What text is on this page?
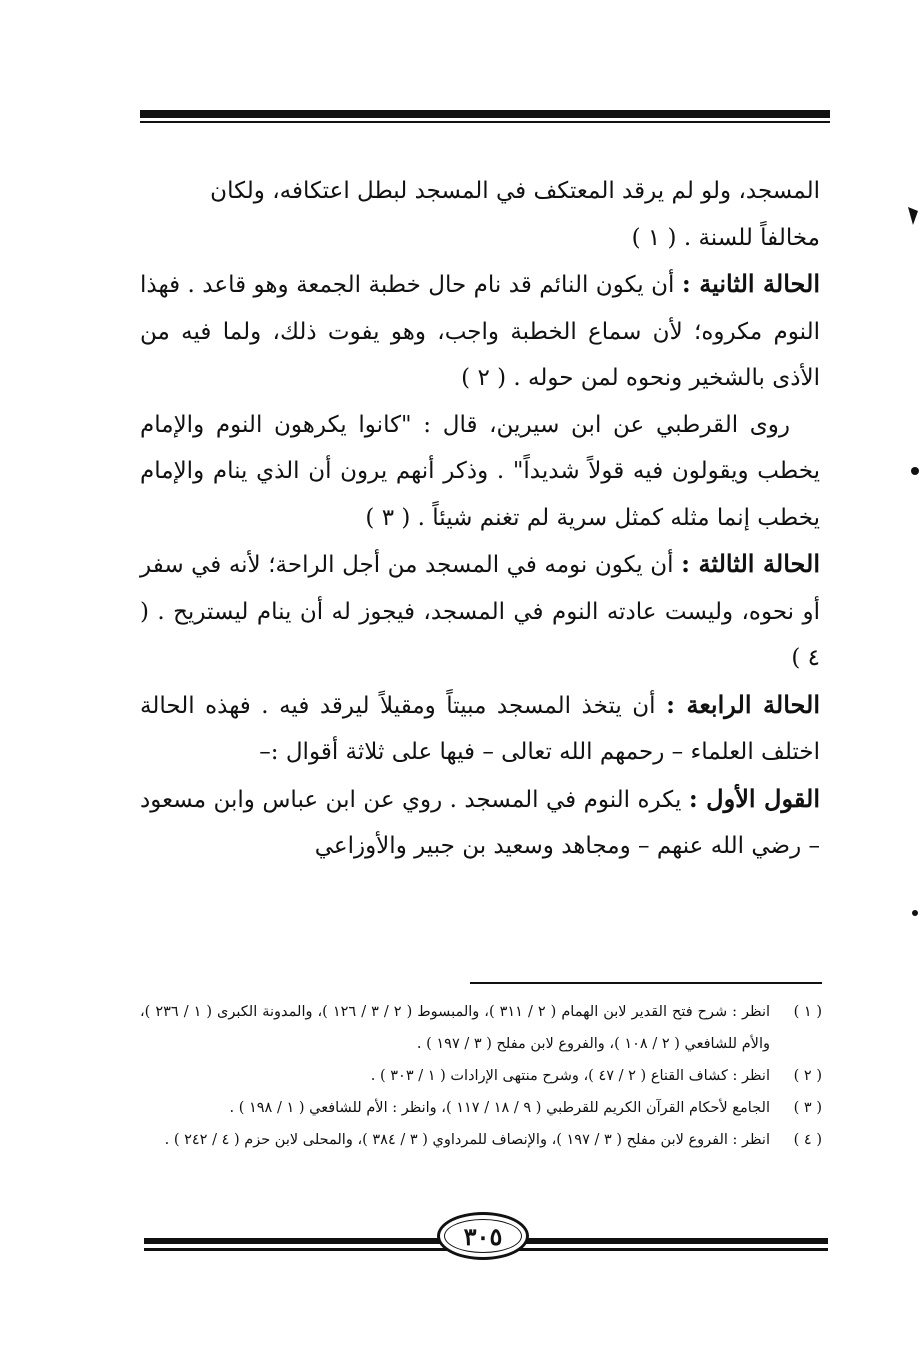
المسجد، ولو لم يرقد المعتكف في المسجد لبطل اعتكافه، ولكان
مخالفاً للسنة . ( ١ )

الحالة الثانية : أن يكون النائم قد نام حال خطبة الجمعة وهو قاعد . فهذا النوم مكروه؛ لأن سماع الخطبة واجب، وهو يفوت ذلك، ولما فيه من الأذى بالشخير ونحوه لمن حوله . ( ٢ )

روى القرطبي عن ابن سيرين، قال : "كانوا يكرهون النوم والإمام يخطب ويقولون فيه قولاً شديداً" . وذكر أنهم يرون أن الذي ينام والإمام يخطب إنما مثله كمثل سرية لم تغنم شيئاً . ( ٣ )

الحالة الثالثة : أن يكون نومه في المسجد من أجل الراحة؛ لأنه في سفر أو نحوه، وليست عادته النوم في المسجد، فيجوز له أن ينام ليستريح . ( ٤ )

الحالة الرابعة : أن يتخذ المسجد مبيتاً ومقيلاً ليرقد فيه . فهذه الحالة اختلف العلماء – رحمهم الله تعالى – فيها على ثلاثة أقوال :–

القول الأول : يكره النوم في المسجد . روي عن ابن عباس وابن مسعود – رضي الله عنهم – ومجاهد وسعيد بن جبير والأوزاعي

( ١ )
انظر : شرح فتح القدير لابن الهمام ( ٢ / ٣١١ )، والمبسوط ( ٢ / ٣ / ١٢٦ )، والمدونة الكبرى ( ١ / ٢٣٦ )، والأم للشافعي ( ٢ / ١٠٨ )، والفروع لابن مفلح ( ٣ / ١٩٧ ) .
( ٢ )
انظر : كشاف القناع ( ٢ / ٤٧ )، وشرح منتهى الإرادات ( ١ / ٣٠٣ ) .
( ٣ )
الجامع لأحكام القرآن الكريم للقرطبي ( ٩ / ١٨ / ١١٧ )، وانظر : الأم للشافعي ( ١ / ١٩٨ ) .
( ٤ )
انظر : الفروع لابن مفلح ( ٣ / ١٩٧ )، والإنصاف للمرداوي ( ٣ / ٣٨٤ )، والمحلى لابن حزم ( ٤ / ٢٤٢ ) .
٣٠٥
